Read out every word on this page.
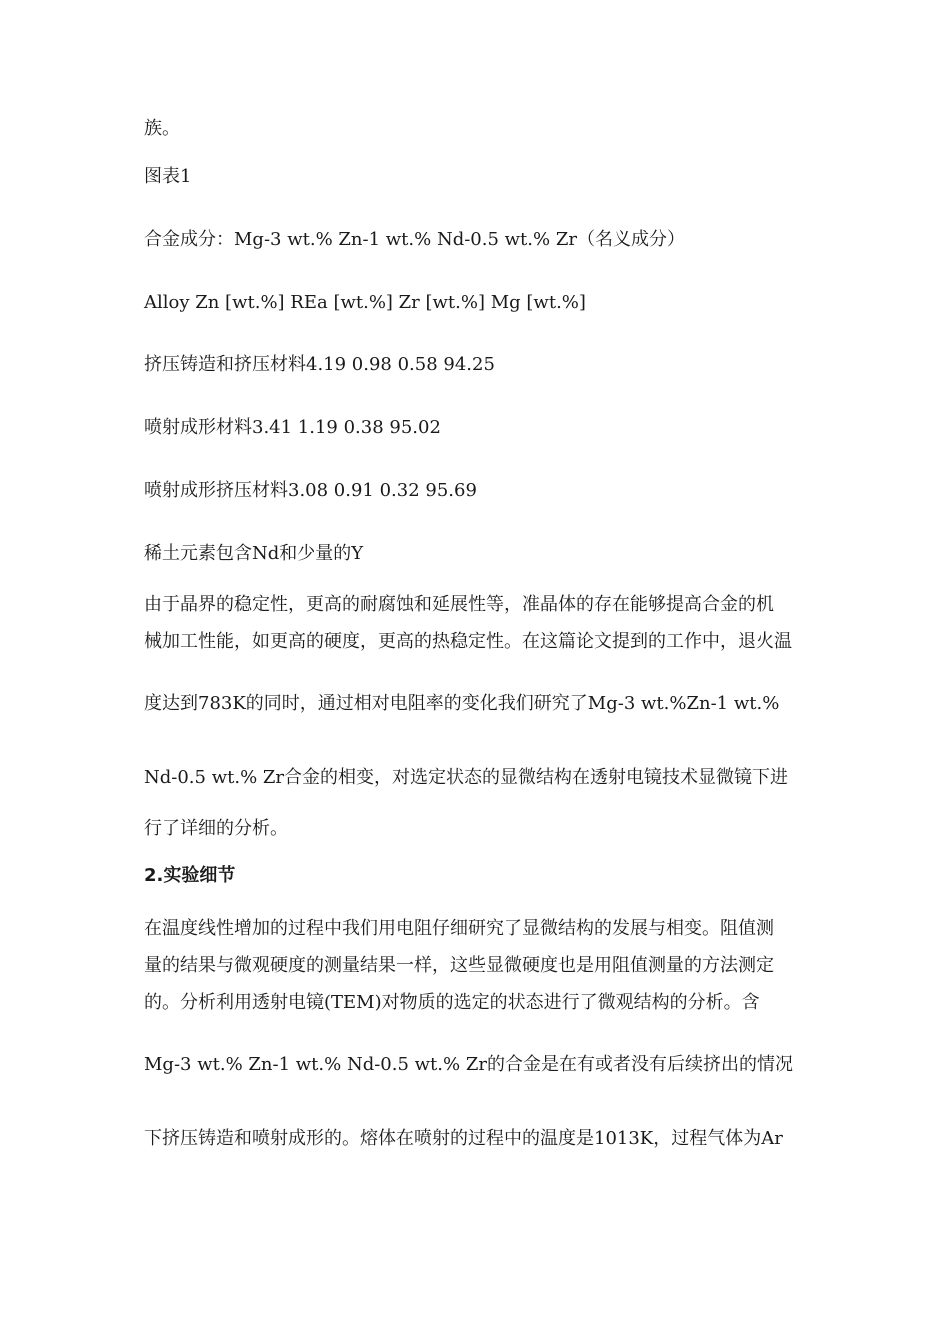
族。
图表1
合金成分：Mg-3 wt.% Zn-1 wt.% Nd-0.5 wt.% Zr（名义成分）
Alloy Zn [wt.%] REa [wt.%] Zr [wt.%] Mg [wt.%]
挤压铸造和挤压材料4.19 0.98 0.58 94.25
喷射成形材料3.41 1.19 0.38 95.02
喷射成形挤压材料3.08 0.91 0.32 95.69
稀土元素包含Nd和少量的Y
由于晶界的稳定性，更高的耐腐蚀和延展性等，准晶体的存在能够提高合金的机
械加工性能，如更高的硬度，更高的热稳定性。在这篇论文提到的工作中，退火温
度达到783K的同时，通过相对电阻率的变化我们研究了Mg-3 wt.%Zn-1 wt.%
Nd-0.5 wt.% Zr合金的相变，对选定状态的显微结构在透射电镜技术显微镜下进
行了详细的分析。
2.实验细节
在温度线性增加的过程中我们用电阻仔细研究了显微结构的发展与相变。阻值测
量的结果与微观硬度的测量结果一样，这些显微硬度也是用阻值测量的方法测定
的。分析利用透射电镜(TEM)对物质的选定的状态进行了微观结构的分析。含
Mg-3 wt.% Zn-1 wt.% Nd-0.5 wt.% Zr的合金是在有或者没有后续挤出的情况
下挤压铸造和喷射成形的。熔体在喷射的过程中的温度是1013K，过程气体为Ar
